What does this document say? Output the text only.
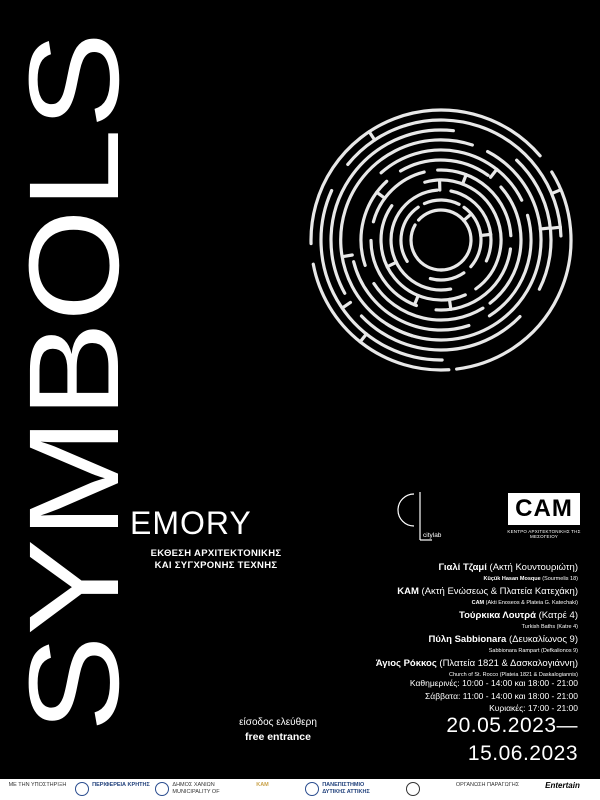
SYMBOLS
EMORY
ΕΚΘΕΣΗ ΑΡΧΙΤΕΚΤΟΝΙΚΗΣ
ΚΑΙ ΣΥΓΧΡΟΝΗΣ ΤΕΧΝΗΣ
citylab
CAM
ΚΕΝΤΡΟ ΑΡΧΙΤΕΚΤΟΝΙΚΗΣ ΤΗΣ ΜΕΣΟΓΕΙΟΥ
Γιαλί Τζαμί (Ακτή Κουντουριώτη)
Küçük Hasan Mosque (Sourmelis 18)
ΚΑΜ (Ακτή Ενώσεως & Πλατεία Κατεχάκη)
CAM (Akti Enoseos & Plateia G. Katechaki)
Τούρκικα Λουτρά (Κατρέ 4)
Turkish Baths (Katre 4)
Πύλη Sabbionara (Δευκαλίωνος 9)
Sabbionara Rampart (Defkalionos 9)
Άγιος Ρόκκος (Πλατεία 1821 & Δασκαλογιάννη)
Church of St. Rocco (Plateia 1821 & Daskalogiannis)
Καθημερινές: 10:00 - 14:00 και 18:00 - 21:00
Σάββατα: 11:00 - 14:00 και 18:00 - 21:00
Κυριακές: 17:00 - 21:00
είσοδος ελεύθερη
free entrance	20.05.2023—
15.06.2023
ΜΕ ΤΗΝ ΥΠΟΣΤΗΡΙΞΗ	ΠΕΡΙΦΕΡΕΙΑ ΚΡΗΤΗΣ	ΔΗΜΟΣ ΧΑΝΙΩΝ
MUNICIPALITY OF
ΚΑΜ	ΠΑΝΕΠΙΣΤΗΜΙΟ
ΔΥΤΙΚΗΣ ΑΤΤΙΚΗΣ
ΟΡΓΑΝΩΣΗ ΠΑΡΑΓΩΓΗΣ	Entertain
